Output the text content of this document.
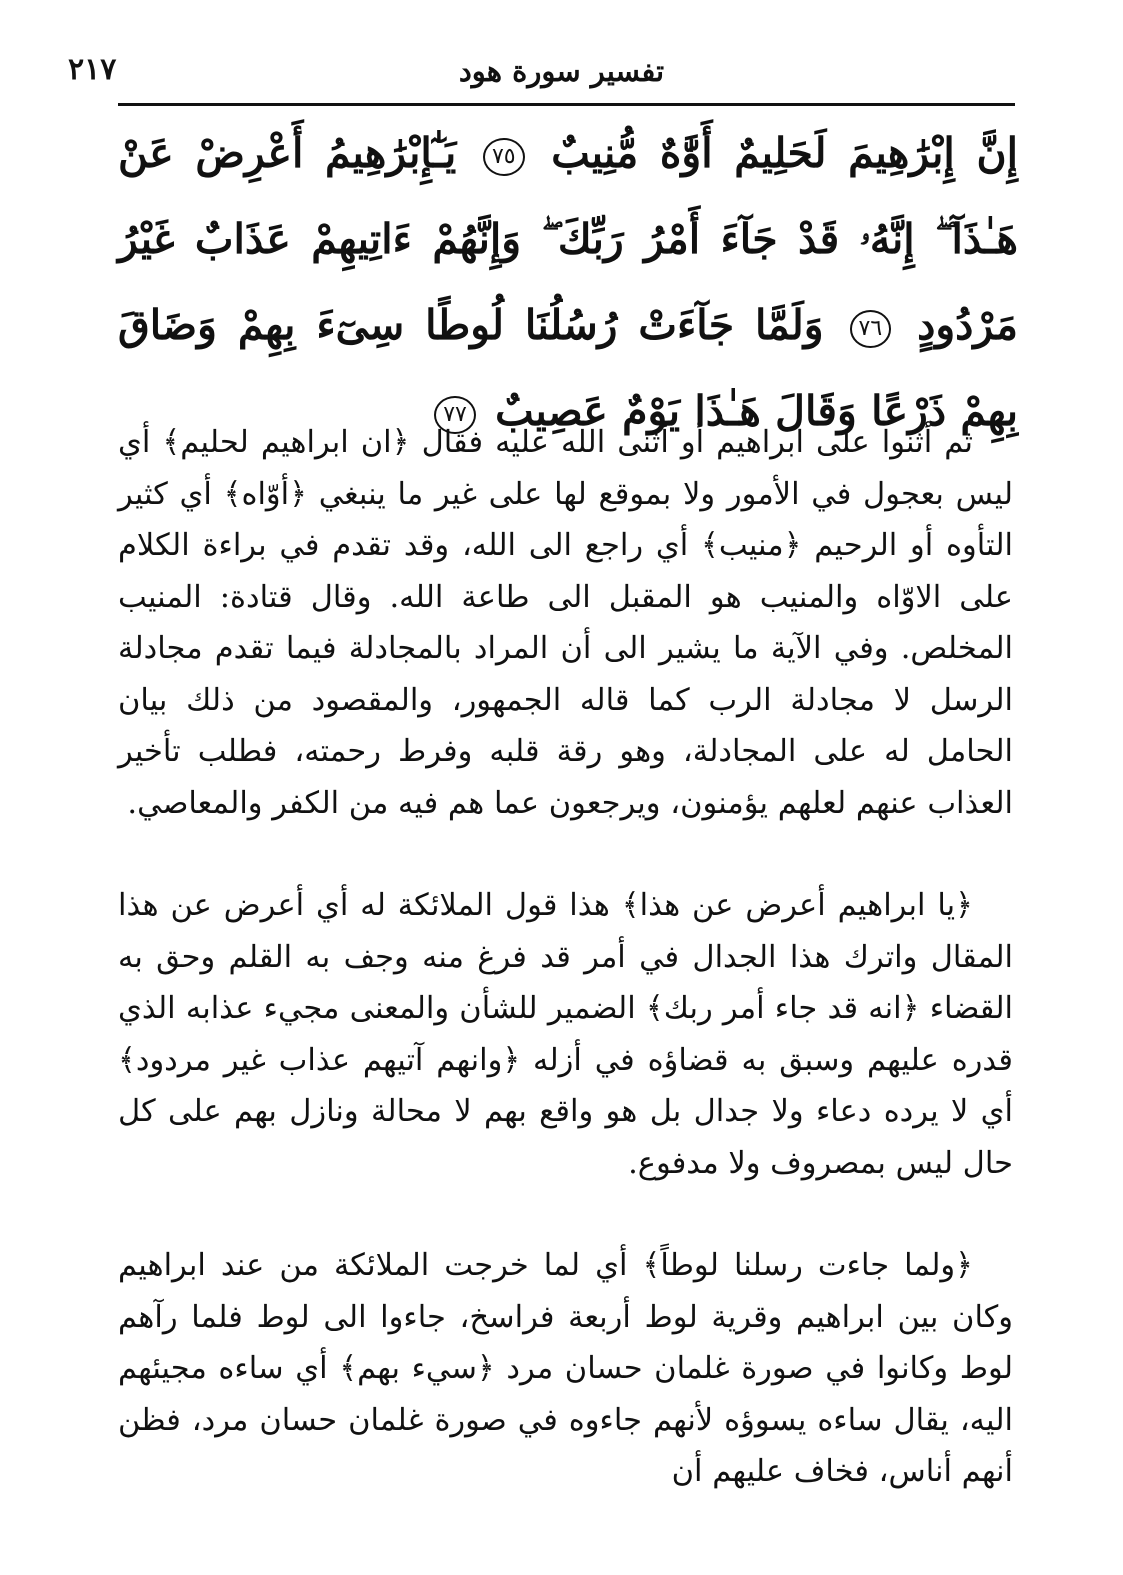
٢١٧	تفسير سورة هود
إِنَّ إِبْرَٰهِيمَ لَحَلِيمٌ أَوَّٰهٌ مُّنِيبٌ ٧٥ يَـٰٓإِبْرَٰهِيمُ أَعْرِضْ عَنْ هَـٰذَآ ۖ إِنَّهُۥ قَدْ جَآءَ أَمْرُ رَبِّكَ ۖ وَإِنَّهُمْ ءَاتِيهِمْ عَذَابٌ غَيْرُ مَرْدُودٍ ٧٦ وَلَمَّا جَآءَتْ رُسُلُنَا لُوطًا سِىٓءَ بِهِمْ وَضَاقَ بِهِمْ ذَرْعًا وَقَالَ هَـٰذَا يَوْمٌ عَصِيبٌ ٧٧

ثم أثنوا على ابراهيم أو أثنى الله عليه فقال ﴿ان ابراهيم لحليم﴾ أي ليس بعجول في الأمور ولا بموقع لها على غير ما ينبغي ﴿أوّاه﴾ أي كثير التأوه أو الرحيم ﴿منيب﴾ أي راجع الى الله، وقد تقدم في براءة الكلام على الاوّاه والمنيب هو المقبل الى طاعة الله. وقال قتادة: المنيب المخلص. وفي الآية ما يشير الى أن المراد بالمجادلة فيما تقدم مجادلة الرسل لا مجادلة الرب كما قاله الجمهور، والمقصود من ذلك بيان الحامل له على المجادلة، وهو رقة قلبه وفرط رحمته، فطلب تأخير العذاب عنهم لعلهم يؤمنون، ويرجعون عما هم فيه من الكفر والمعاصي.

﴿يا ابراهيم أعرض عن هذا﴾ هذا قول الملائكة له أي أعرض عن هذا المقال واترك هذا الجدال في أمر قد فرغ منه وجف به القلم وحق به القضاء ﴿انه قد جاء أمر ربك﴾ الضمير للشأن والمعنى مجيء عذابه الذي قدره عليهم وسبق به قضاؤه في أزله ﴿وانهم آتيهم عذاب غير مردود﴾ أي لا يرده دعاء ولا جدال بل هو واقع بهم لا محالة ونازل بهم على كل حال ليس بمصروف ولا مدفوع.

﴿ولما جاءت رسلنا لوطاً﴾ أي لما خرجت الملائكة من عند ابراهيم وكان بين ابراهيم وقرية لوط أربعة فراسخ، جاءوا الى لوط فلما رآهم لوط وكانوا في صورة غلمان حسان مرد ﴿سيء بهم﴾ أي ساءه مجيئهم اليه، يقال ساءه يسوؤه لأنهم جاءوه في صورة غلمان حسان مرد، فظن أنهم أناس، فخاف عليهم أن
